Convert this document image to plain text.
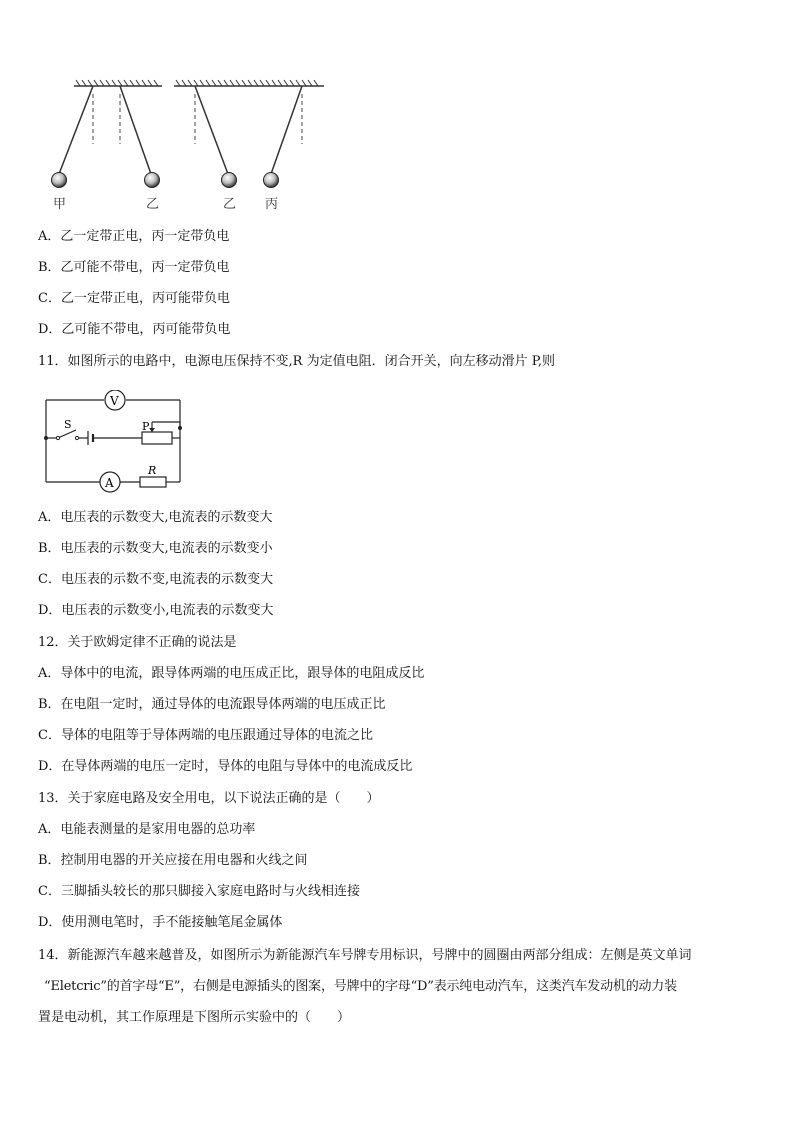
甲	乙	乙 丙
A．乙一定带正电，丙一定带负电
B．乙可能不带电，丙一定带负电
C．乙一定带正电，丙可能带负电
D．乙可能不带电，丙可能带负电
11．如图所示的电路中，电源电压保持不变,R 为定值电阻．闭合开关，向左移动滑片 P,则
V
S	P
A
R
A．电压表的示数变大,电流表的示数变大
B．电压表的示数变大,电流表的示数变小
C．电压表的示数不变,电流表的示数变大
D．电压表的示数变小,电流表的示数变大
12．关于欧姆定律不正确的说法是
A．导体中的电流，跟导体两端的电压成正比，跟导体的电阻成反比
B．在电阻一定时，通过导体的电流跟导体两端的电压成正比
C．导体的电阻等于导体两端的电压跟通过导体的电流之比
D．在导体两端的电压一定时，导体的电阻与导体中的电流成反比
13．关于家庭电路及安全用电，以下说法正确的是（　　）
A．电能表测量的是家用电器的总功率
B．控制用电器的开关应接在用电器和火线之间
C．三脚插头较长的那只脚接入家庭电路时与火线相连接
D．使用测电笔时，手不能接触笔尾金属体

14．新能源汽车越来越普及，如图所示为新能源汽车号牌专用标识，号牌中的圆圈由两部分组成：左侧是英文单词

“Eletcric”的首字母“E”，右侧是电源插头的图案，号牌中的字母“D”表示纯电动汽车，这类汽车发动机的动力装

置是电动机，其工作原理是下图所示实验中的（　　）
